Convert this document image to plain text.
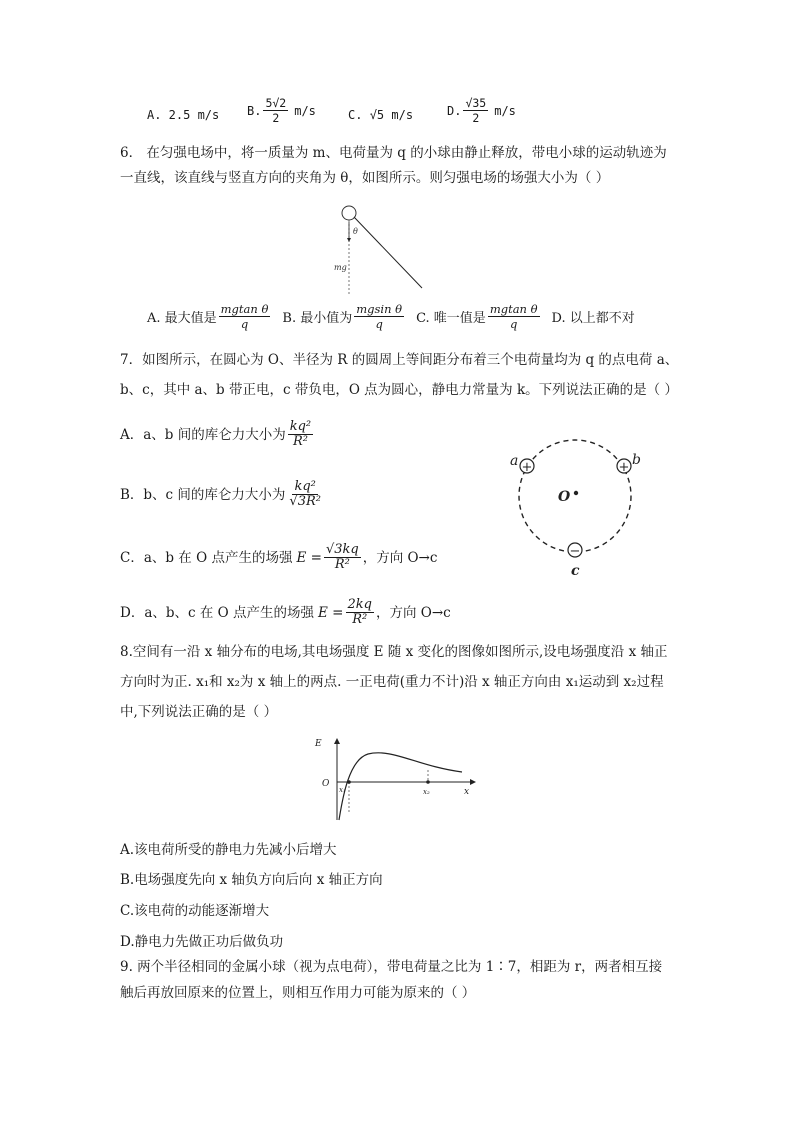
A. 2.5 m/s B. $\frac{5√2}{2} m/s$	C. √5 m/s	D. $\frac{√35}{2} m/s$
6． 在匀强电场中，将一质量为 m、电荷量为 q 的小球由静止释放，带电小球的运动轨迹为
一直线，该直线与竖直方向的夹角为 θ，如图所示。则匀强电场的场强大小为（ ）
θ
mg
A. 最大值是 $\frac{\text{mgtan θ}}{q} B$. 最小值为 $\frac{\text{mgsin θ}}{q} C$. 唯一值是 $\frac{\text{mgtan θ}}{q} D$. 以上都不对
7．如图所示，在圆心为 O、半径为 R 的圆周上等间距分布着三个电荷量均为 q 的点电荷 a、
b、c，其中 a、b 带正电，c 带负电，O 点为圆心，静电力常量为 k。下列说法正确的是（ ）
A．a、b 间的库仑力大小为 $\frac{\text{kq²}}{\text{R²}}$
B．b、c 间的库仑力大小为 $\frac{\text{kq²}}{\text{√3R²}}$
C．a、b 在 O 点产生的场强 $E = \frac{√3kq}{\text{R²}}$ ，方向 O→c
D．a、b、c 在 O 点产生的场强 $E = \frac{2kq}{\text{R²}}$ ，方向 O→c
+	+
−
a	b
c
O
8.空间有一沿 x 轴分布的电场,其电场强度 E 随 x 变化的图像如图所示,设电场强度沿 x 轴正
方向时为正. x₁和 x₂为 x 轴上的两点. 一正电荷(重力不计)沿 x 轴正方向由 x₁运动到 x₂过程
中,下列说法正确的是（ ）
E
O
x
x₁	x₂
A.该电荷所受的静电力先减小后增大
B.电场强度先向 x 轴负方向后向 x 轴正方向
C.该电荷的动能逐渐增大
D.静电力先做正功后做负功
9. 两个半径相同的金属小球（视为点电荷），带电荷量之比为 1∶7，相距为 r，两者相互接
触后再放回原来的位置上，则相互作用力可能为原来的（ ）
